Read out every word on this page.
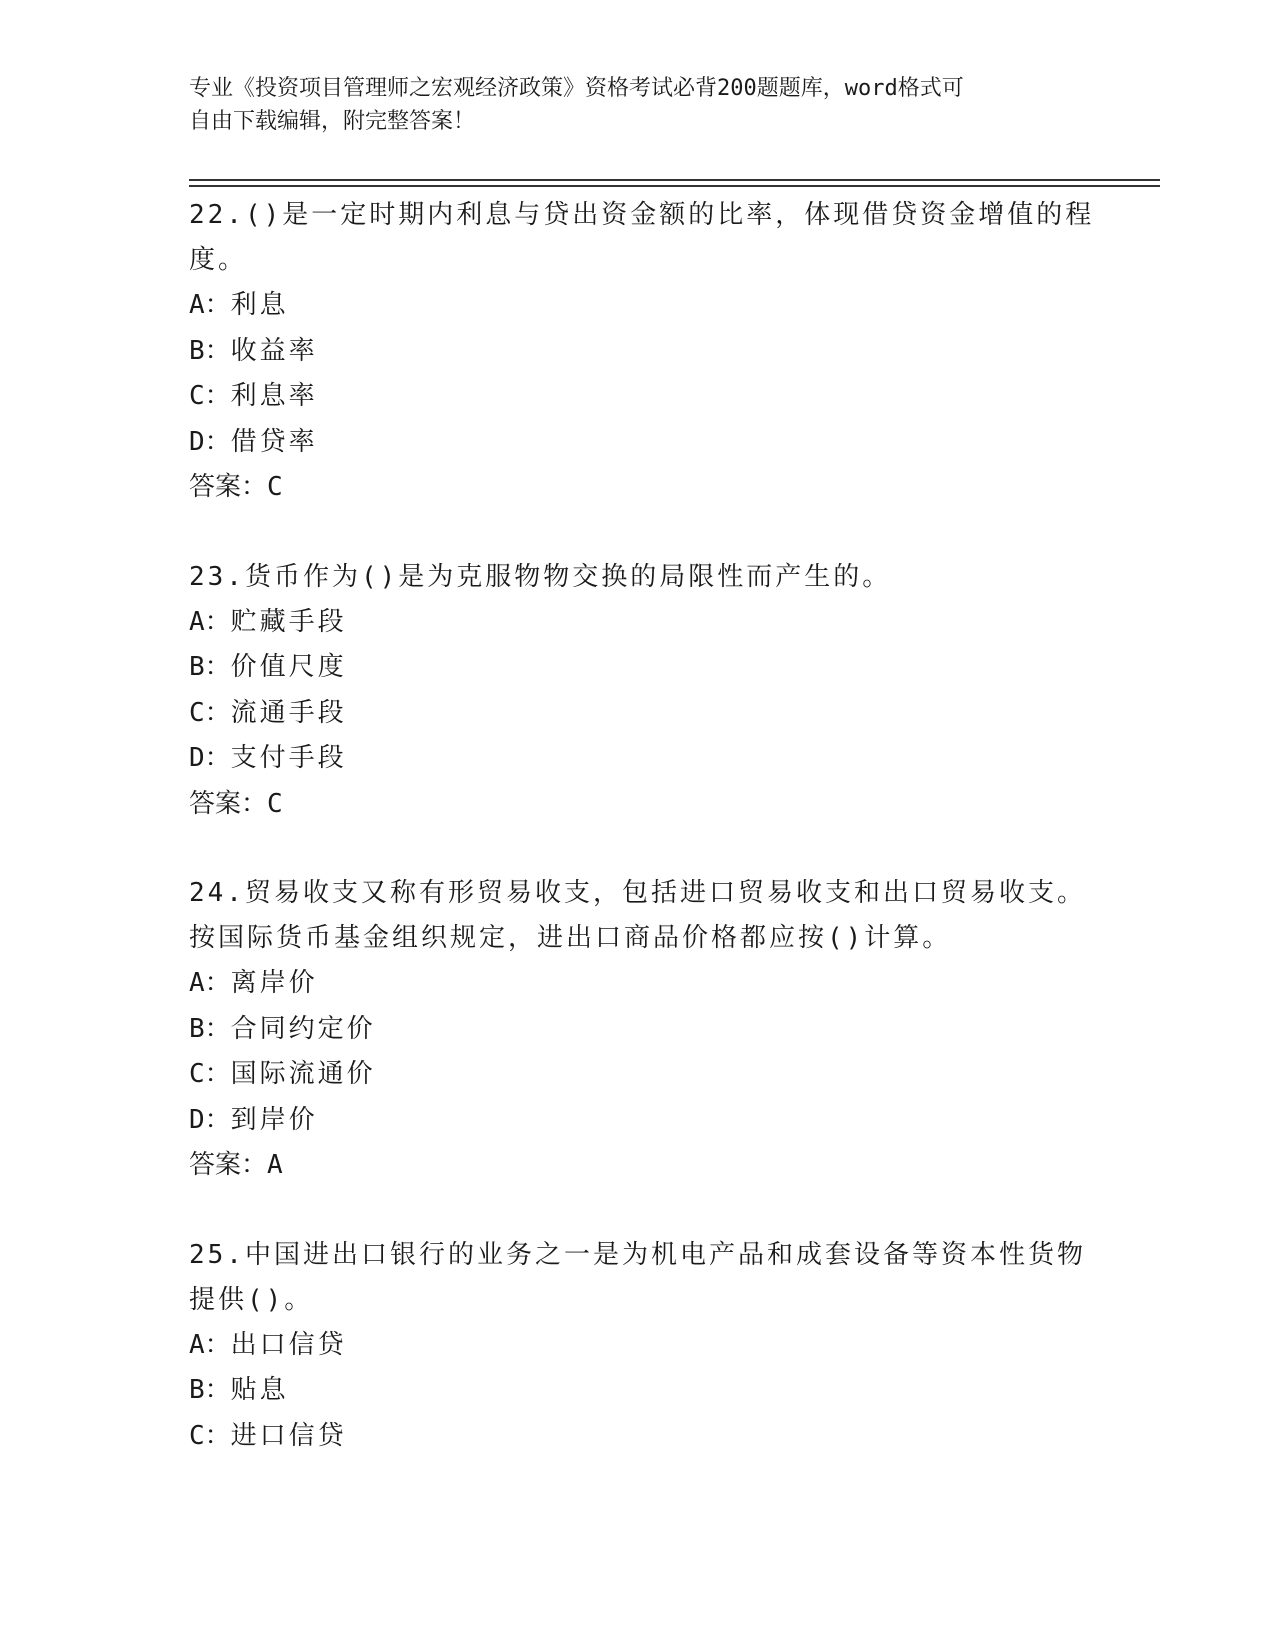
专业《投资项目管理师之宏观经济政策》资格考试必背200题题库，word格式可
自由下载编辑，附完整答案！
22.()是一定时期内利息与贷出资金额的比率，体现借贷资金增值的程
度。
A：利息
B：收益率
C：利息率
D：借贷率
答案：C
23.货币作为()是为克服物物交换的局限性而产生的。
A：贮藏手段
B：价值尺度
C：流通手段
D：支付手段
答案：C
24.贸易收支又称有形贸易收支，包括进口贸易收支和出口贸易收支。
按国际货币基金组织规定，进出口商品价格都应按()计算。
A：离岸价
B：合同约定价
C：国际流通价
D：到岸价
答案：A
25.中国进出口银行的业务之一是为机电产品和成套设备等资本性货物
提供()。
A：出口信贷
B：贴息
C：进口信贷
